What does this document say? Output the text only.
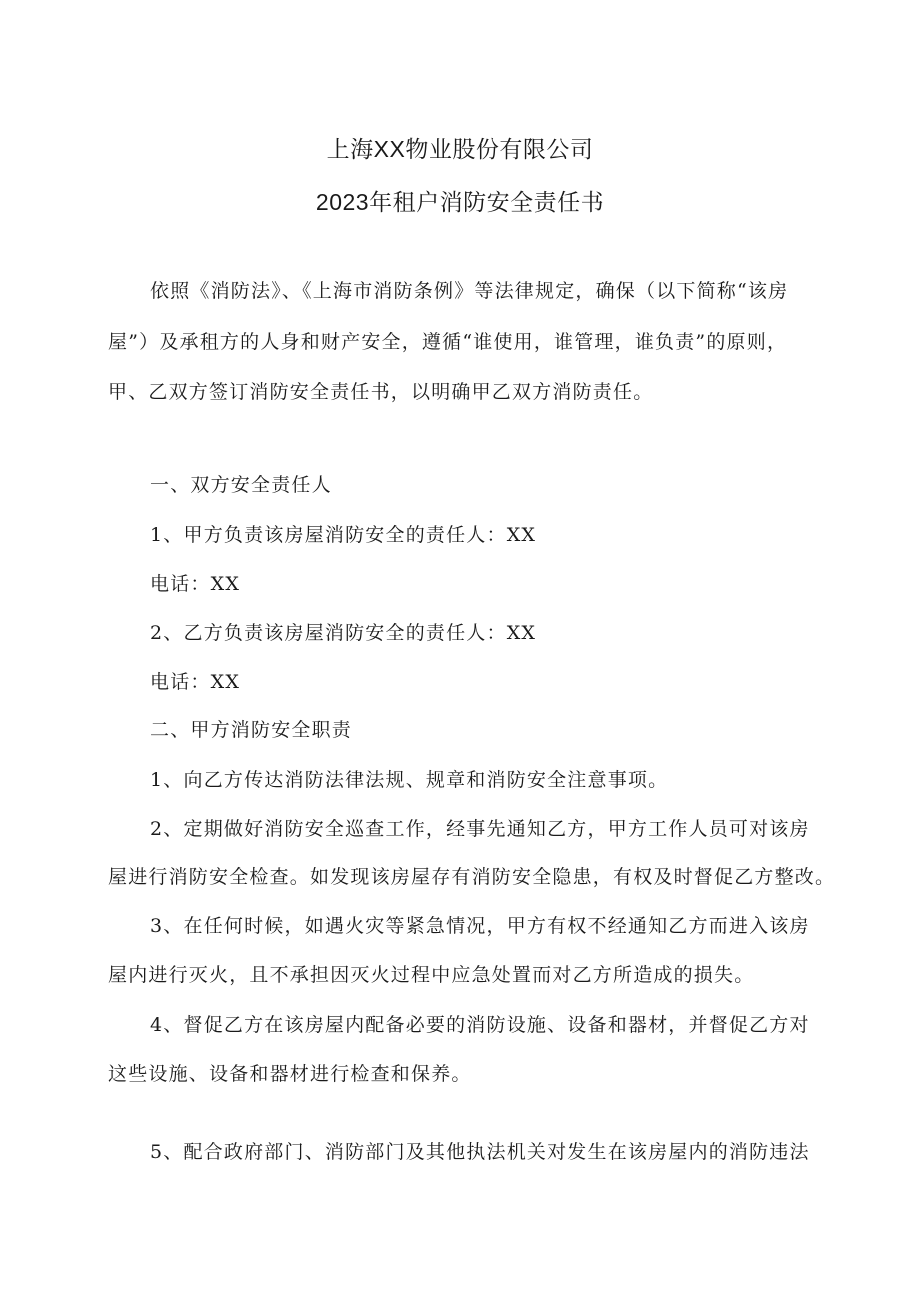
上海XX物业股份有限公司
2023年租户消防安全责任书
依照《消防法》、《上海市消防条例》等法律规定，确保（以下简称“该房
屋”）及承租方的人身和财产安全，遵循“谁使用，谁管理，谁负责”的原则，
甲、乙双方签订消防安全责任书，以明确甲乙双方消防责任。
一、双方安全责任人
1、甲方负责该房屋消防安全的责任人：XX
电话：XX
2、乙方负责该房屋消防安全的责任人：XX
电话：XX
二、甲方消防安全职责
1、向乙方传达消防法律法规、规章和消防安全注意事项。
2、定期做好消防安全巡查工作，经事先通知乙方，甲方工作人员可对该房
屋进行消防安全检查。如发现该房屋存有消防安全隐患，有权及时督促乙方整改。
3、在任何时候，如遇火灾等紧急情况，甲方有权不经通知乙方而进入该房
屋内进行灭火，且不承担因灭火过程中应急处置而对乙方所造成的损失。
4、督促乙方在该房屋内配备必要的消防设施、设备和器材，并督促乙方对
这些设施、设备和器材进行检查和保养。
5、配合政府部门、消防部门及其他执法机关对发生在该房屋内的消防违法
